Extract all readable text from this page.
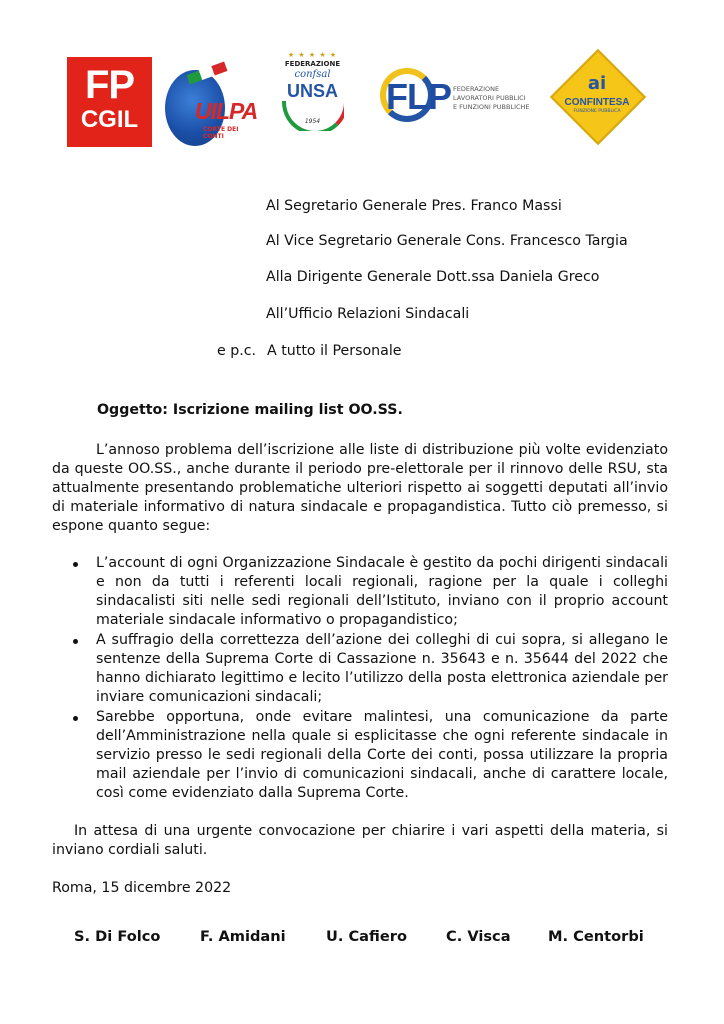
FP
CGIL	UILPA
CORTE DEI CONTI
★ ★ ★ ★ ★
FEDERAZIONE
confsal
UNSA
1954
FLP FEDERAZIONE
LAVORATORI PUBBLICI
E FUNZIONI PUBBLICHE
ai
CONFINTESA
FUNZIONE PUBBLICA
Al Segretario Generale Pres. Franco Massi
Al Vice Segretario Generale Cons. Francesco Targia
Alla Dirigente Generale Dott.ssa Daniela Greco
All’Ufficio Relazioni Sindacali
e p.c. A tutto il Personale
Oggetto: Iscrizione mailing list OO.SS.
L’annoso problema dell’iscrizione alle liste di distribuzione più volte evidenziato da queste OO.SS., anche durante il periodo pre-elettorale per il rinnovo delle RSU, sta attualmente presentando problematiche ulteriori rispetto ai soggetti deputati all’invio di materiale informativo di natura sindacale e propagandistica. Tutto ciò premesso, si espone quanto segue:
L’account di ogni Organizzazione Sindacale è gestito da pochi dirigenti sindacali e non da tutti i referenti locali regionali, ragione per la quale i colleghi sindacalisti siti nelle sedi regionali dell’Istituto, inviano con il proprio account materiale sindacale informativo o propagandistico;
A suffragio della correttezza dell’azione dei colleghi di cui sopra, si allegano le sentenze della Suprema Corte di Cassazione n. 35643 e n. 35644 del 2022 che hanno dichiarato legittimo e lecito l’utilizzo della posta elettronica aziendale per inviare comunicazioni sindacali;
Sarebbe opportuna, onde evitare malintesi, una comunicazione da parte dell’Amministrazione nella quale si esplicitasse che ogni referente sindacale in servizio presso le sedi regionali della Corte dei conti, possa utilizzare la propria mail aziendale per l’invio di comunicazioni sindacali, anche di carattere locale, così come evidenziato dalla Suprema Corte.
In attesa di una urgente convocazione per chiarire i vari aspetti della materia, si inviano cordiali saluti.
Roma, 15 dicembre 2022
S. Di Folco	F. Amidani	U. Cafiero	C. Visca	M. Centorbi
